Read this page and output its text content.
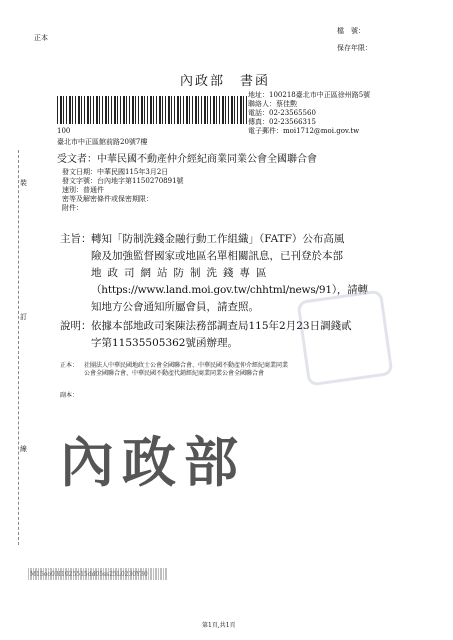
正本
檔　號：
保存年限：
內政部　書函
地址：100218臺北市中正區徐州路5號
聯絡人：蔡佳勲
電話：02-23565560
傳真：02-23566315
電子郵件：moi1712@moi.gov.tw
100
臺北市中正區館前路20號7樓
受文者：中華民國不動產仲介經紀商業同業公會全國聯合會
發文日期：中華民國115年3月2日
發文字號：台內地字第1150270891號
速別：普通件
密等及解密條件或保密期限：
附件：
主旨： 轉知「防制洗錢金融行動工作組織」（FATF）公布高風
險及加強監督國家或地區名單相關訊息，已刊登於本部
地政司網站防制洗錢專區
（https://www.land.moi.gov.tw/chhtml/news/91），請轉
知地方公會通知所屬會員，請查照。
說明： 依據本部地政司案陳法務部調查局115年2月23日調錢貳
字第11535505362號函辦理。
正本： 社團法人中華民國地政士公會全國聯合會、中華民國不動產仲介經紀商業同業
公會全國聯合會、中華民國不動產代銷經紀商業同業公會全國聯合會
副本：
內政部
裝
訂
線
M15oo03I1025515dd05ss25L0230Y30
第1頁,共1頁
